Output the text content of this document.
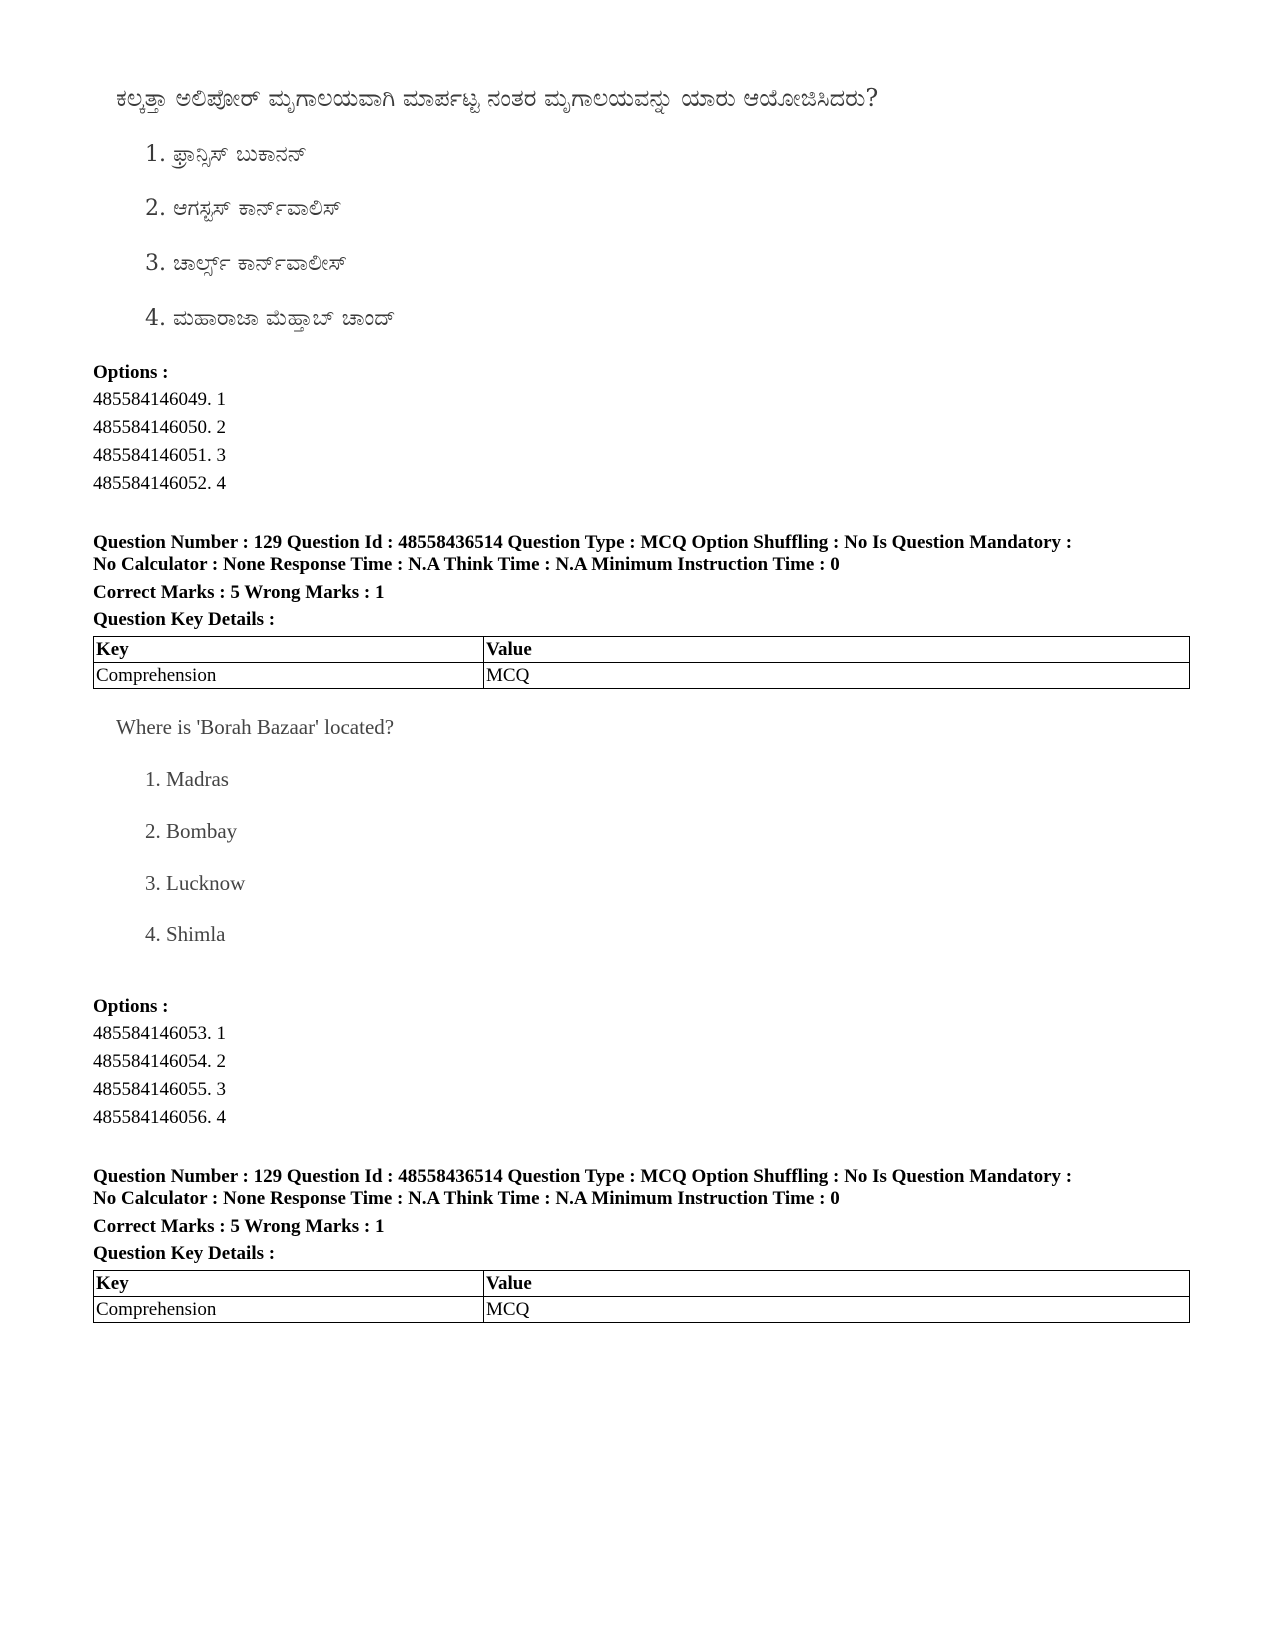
ಕಲ್ಕತ್ತಾ ಅಲಿಪೋರ್ ಮೃಗಾಲಯವಾಗಿ ಮಾರ್ಪಟ್ಟ ನಂತರ ಮೃಗಾಲಯವನ್ನು ಯಾರು ಆಯೋಜಿಸಿದರು?
1. ಫ್ರಾನ್ಸಿಸ್ ಬುಕಾನನ್
2. ಆಗಸ್ಟಸ್ ಕಾರ್ನ್‌ವಾಲಿಸ್
3. ಚಾರ್ಲ್ಸ್ ಕಾರ್ನ್‌ವಾಲೀಸ್
4. ಮಹಾರಾಜಾ ಮೆಹ್ತಾಬ್ ಚಾಂದ್
Options :
485584146049. 1
485584146050. 2
485584146051. 3
485584146052. 4
Question Number : 129 Question Id : 48558436514 Question Type : MCQ Option Shuffling : No Is Question Mandatory :
No Calculator : None Response Time : N.A Think Time : N.A Minimum Instruction Time : 0
Correct Marks : 5 Wrong Marks : 1
Question Key Details :
Key	Value
Comprehension	MCQ
Where is 'Borah Bazaar' located?
1. Madras
2. Bombay
3. Lucknow
4. Shimla
Options :
485584146053. 1
485584146054. 2
485584146055. 3
485584146056. 4
Question Number : 129 Question Id : 48558436514 Question Type : MCQ Option Shuffling : No Is Question Mandatory :
No Calculator : None Response Time : N.A Think Time : N.A Minimum Instruction Time : 0
Correct Marks : 5 Wrong Marks : 1
Question Key Details :
Key	Value
Comprehension	MCQ
